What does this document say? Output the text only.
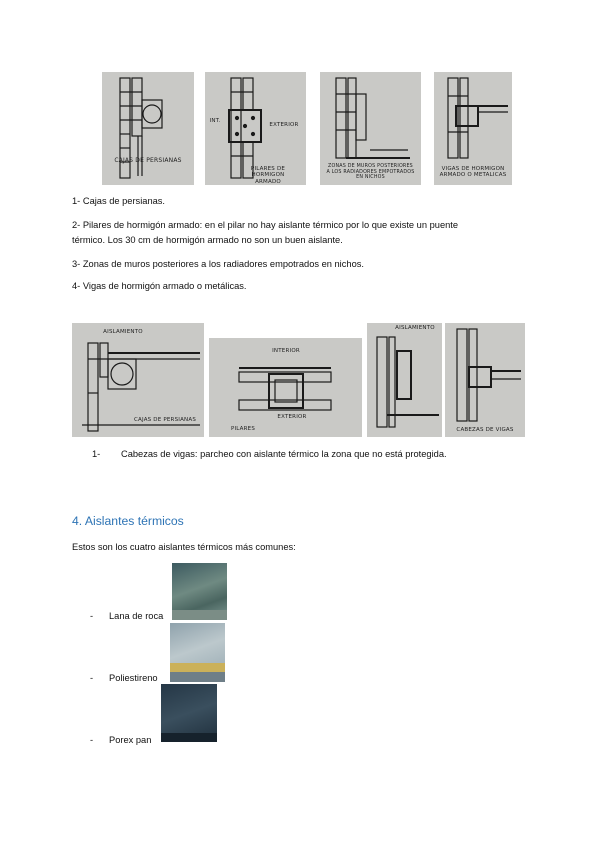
CAJAS DE PERSIANAS
INT.
EXTERIOR
PILARES DE HORMIGON
ARMADO
ZONAS DE MUROS POSTERIORES
A LOS RADIADORES EMPOTRADOS
EN NICHOS
VIGAS DE HORMIGON
ARMADO O METALICAS
1- Cajas de persianas.
2- Pilares de hormigón armado: en el pilar no hay aislante térmico por lo que existe un puente
térmico. Los 30 cm de hormigón armado no son un buen aislante.
3- Zonas de muros posteriores a los radiadores empotrados en nichos.
4- Vigas de hormigón armado o metálicas.
AISLAMIENTO
CAJAS DE PERSIANAS
INTERIOR
EXTERIOR
PILARES
AISLAMIENTO
CABEZAS DE VIGAS
1- Cabezas de vigas: parcheo con aislante térmico la zona que no está protegida.
4. Aislantes térmicos
Estos son los cuatro aislantes térmicos más comunes:
- Lana de roca
- Poliestireno
- Porex pan
